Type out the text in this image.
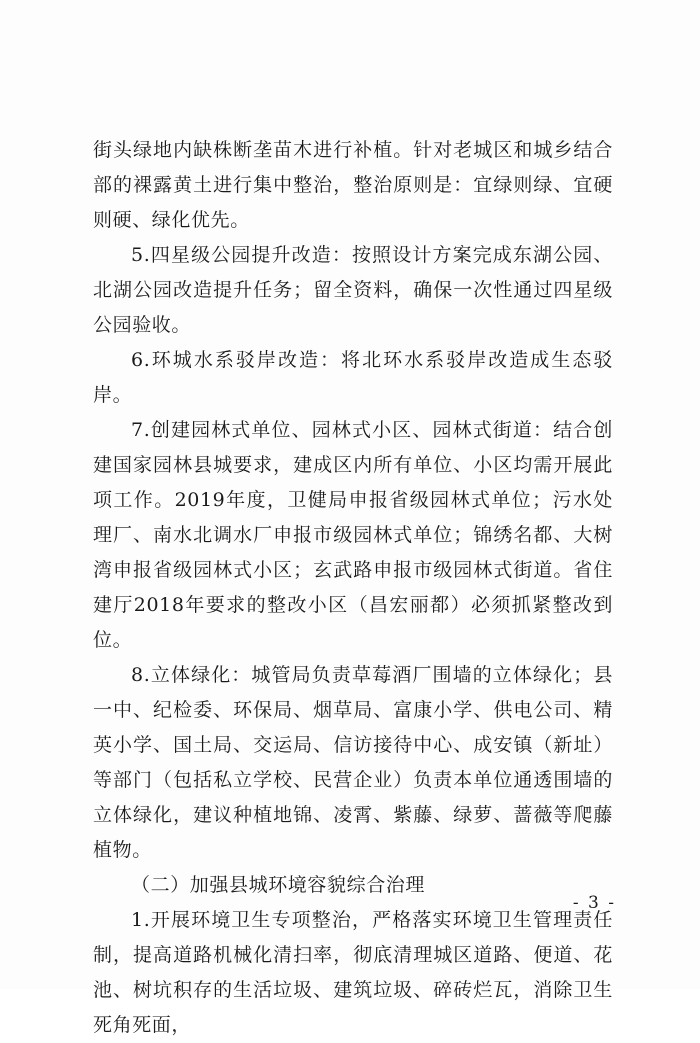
街头绿地内缺株断垄苗木进行补植。针对老城区和城乡结合部的裸露黄土进行集中整治，整治原则是：宜绿则绿、宜硬则硬、绿化优先。

5.四星级公园提升改造：按照设计方案完成东湖公园、北湖公园改造提升任务；留全资料，确保一次性通过四星级公园验收。

6.环城水系驳岸改造：将北环水系驳岸改造成生态驳岸。

7.创建园林式单位、园林式小区、园林式街道：结合创建国家园林县城要求，建成区内所有单位、小区均需开展此项工作。2019年度，卫健局申报省级园林式单位；污水处理厂、南水北调水厂申报市级园林式单位；锦绣名都、大树湾申报省级园林式小区；玄武路申报市级园林式街道。省住建厅2018年要求的整改小区（昌宏丽都）必须抓紧整改到位。

8.立体绿化：城管局负责草莓酒厂围墙的立体绿化；县一中、纪检委、环保局、烟草局、富康小学、供电公司、精英小学、国土局、交运局、信访接待中心、成安镇（新址）等部门（包括私立学校、民营企业）负责本单位通透围墙的立体绿化，建议种植地锦、凌霄、紫藤、绿萝、蔷薇等爬藤植物。

（二）加强县城环境容貌综合治理

1.开展环境卫生专项整治，严格落实环境卫生管理责任制，提高道路机械化清扫率，彻底清理城区道路、便道、花池、树坑积存的生活垃圾、建筑垃圾、碎砖烂瓦，消除卫生死角死面，

- 3 -
